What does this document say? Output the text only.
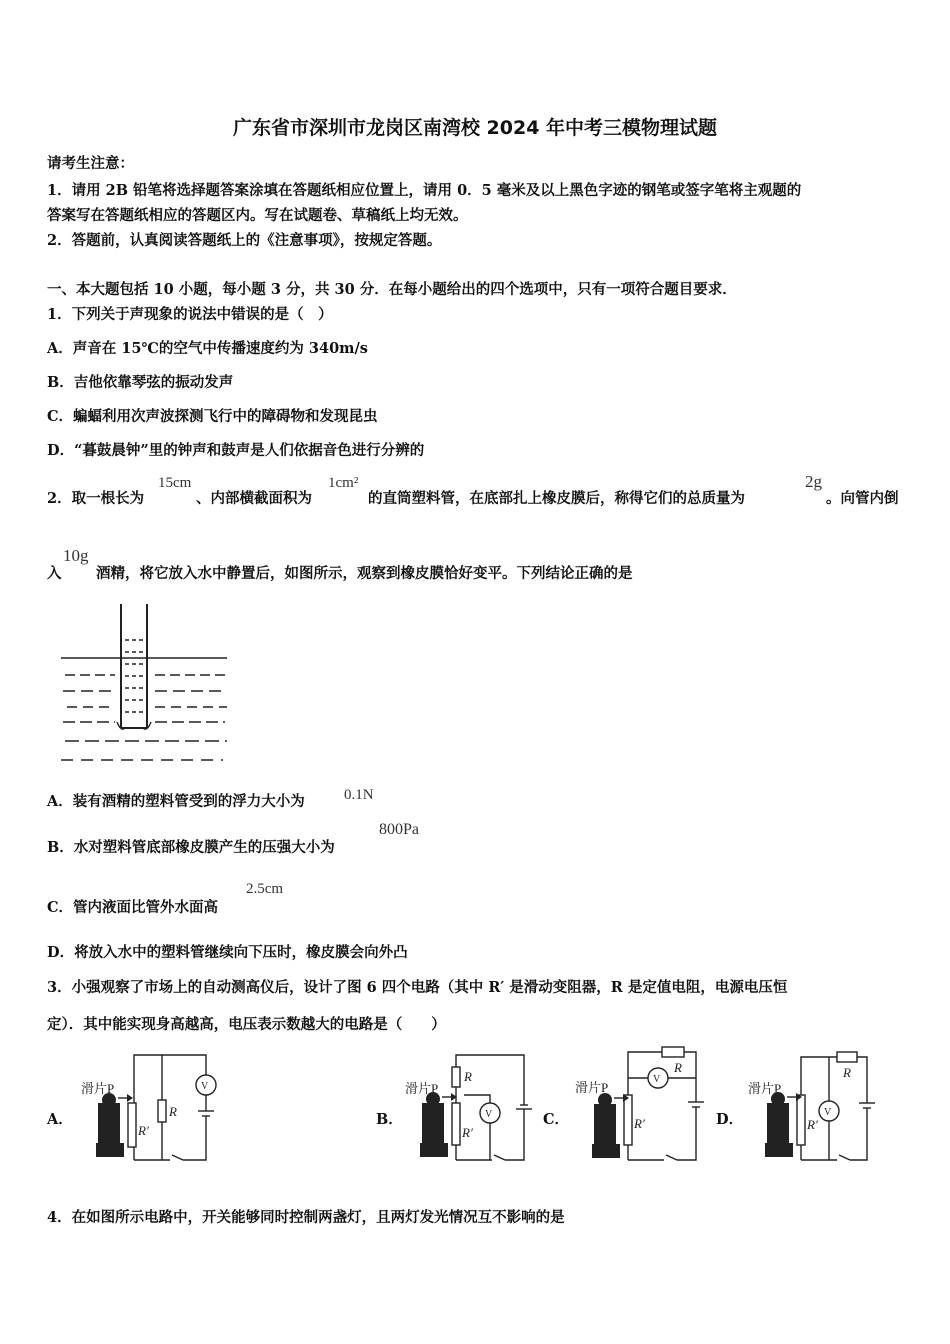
广东省市深圳市龙岗区南湾校 2024 年中考三模物理试题
请考生注意：
1．请用 2B 铅笔将选择题答案涂填在答题纸相应位置上，请用 0．5 毫米及以上黑色字迹的钢笔或签字笔将主观题的
答案写在答题纸相应的答题区内。写在试题卷、草稿纸上均无效。
2．答题前，认真阅读答题纸上的《注意事项》，按规定答题。
一、本大题包括 10 小题，每小题 3 分，共 30 分．在每小题给出的四个选项中，只有一项符合题目要求．
1．下列关于声现象的说法中错误的是（　）
A．声音在 15℃的空气中传播速度约为 340m/s
B．吉他依靠琴弦的振动发声
C．蝙蝠利用次声波探测飞行中的障碍物和发现昆虫
D．“暮鼓晨钟”里的钟声和鼓声是人们依据音色进行分辨的
2．取一根长为
15cm
、内部横截面积为
1cm²
的直筒塑料管，在底部扎上橡皮膜后，称得它们的总质量为
2g
。向管内倒
入
10g
酒精，将它放入水中静置后，如图所示，观察到橡皮膜恰好变平。下列结论正确的是
A．装有酒精的塑料管受到的浮力大小为	0.1N
B．水对塑料管底部橡皮膜产生的压强大小为
800Pa
C．管内液面比管外水面高
2.5cm
D．将放入水中的塑料管继续向下压时，橡皮膜会向外凸
3．小强观察了市场上的自动测高仪后，设计了图 6 四个电路（其中 R′ 是滑动变阻器，R 是定值电阻，电源电压恒
定）．其中能实现身高越高，电压表示数越大的电路是（　　）
A．	B．	C．	D．
滑片P
R
R′
V	滑片P
R
R′
V
滑片P
R
R′
V
滑片P
R
R′
V
4．在如图所示电路中，开关能够同时控制两盏灯，且两灯发光情况互不影响的是
